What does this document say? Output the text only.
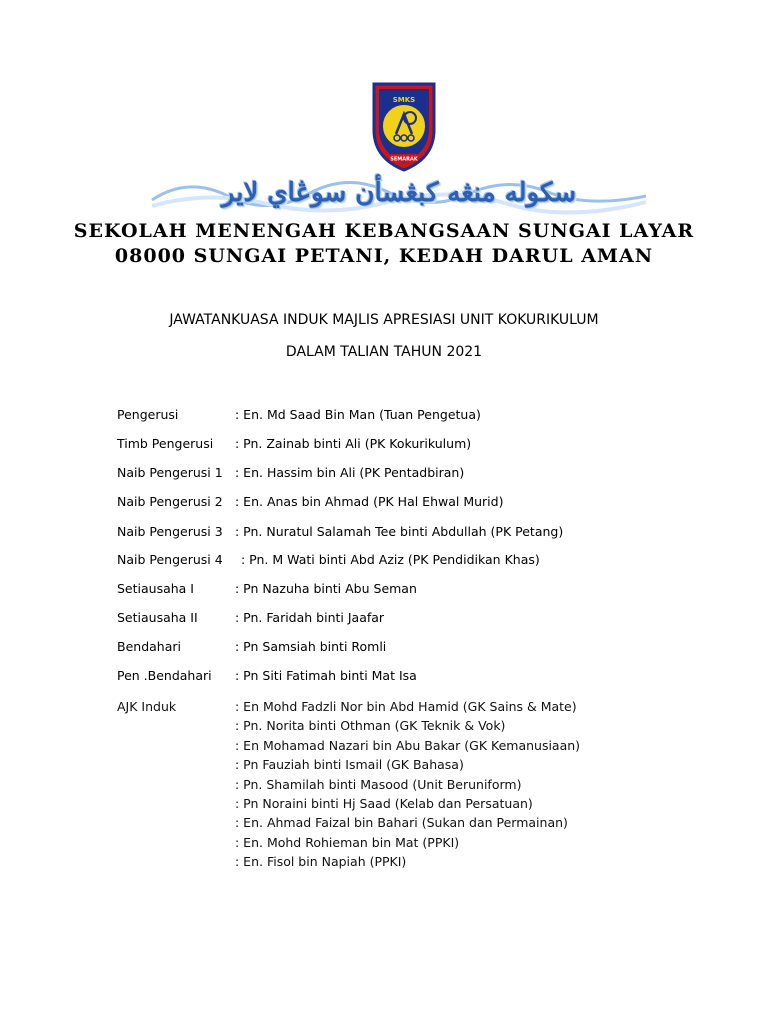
SMKS
SEMARAK
سكوله منڠه كبڠسأن سوڠاي لاير
SEKOLAH MENENGAH KEBANGSAAN SUNGAI LAYAR
08000 SUNGAI PETANI, KEDAH DARUL AMAN
JAWATANKUASA INDUK MAJLIS APRESIASI UNIT KOKURIKULUM
DALAM TALIAN TAHUN 2021
Pengerusi	: En. Md Saad Bin Man (Tuan Pengetua)
Timb Pengerusi : Pn. Zainab binti Ali (PK Kokurikulum)
Naib Pengerusi 1 : En. Hassim bin Ali (PK Pentadbiran)
Naib Pengerusi 2 : En. Anas bin Ahmad (PK Hal Ehwal Murid)
Naib Pengerusi 3 : Pn. Nuratul Salamah Tee binti Abdullah (PK Petang)
Naib Pengerusi 4 : Pn. M Wati binti Abd Aziz (PK Pendidikan Khas)
Setiausaha I	: Pn Nazuha binti Abu Seman
Setiausaha II	: Pn. Faridah binti Jaafar
Bendahari	: Pn Samsiah binti Romli
Pen .Bendahari : Pn Siti Fatimah binti Mat Isa
AJK Induk	: En Mohd Fadzli Nor bin Abd Hamid (GK Sains & Mate)
: Pn. Norita binti Othman (GK Teknik & Vok)
: En Mohamad Nazari bin Abu Bakar (GK Kemanusiaan)
: Pn Fauziah binti Ismail (GK Bahasa)
: Pn. Shamilah binti Masood (Unit Beruniform)
: Pn Noraini binti Hj Saad (Kelab dan Persatuan)
: En. Ahmad Faizal bin Bahari (Sukan dan Permainan)
: En. Mohd Rohieman bin Mat (PPKI)
: En. Fisol bin Napiah (PPKI)
